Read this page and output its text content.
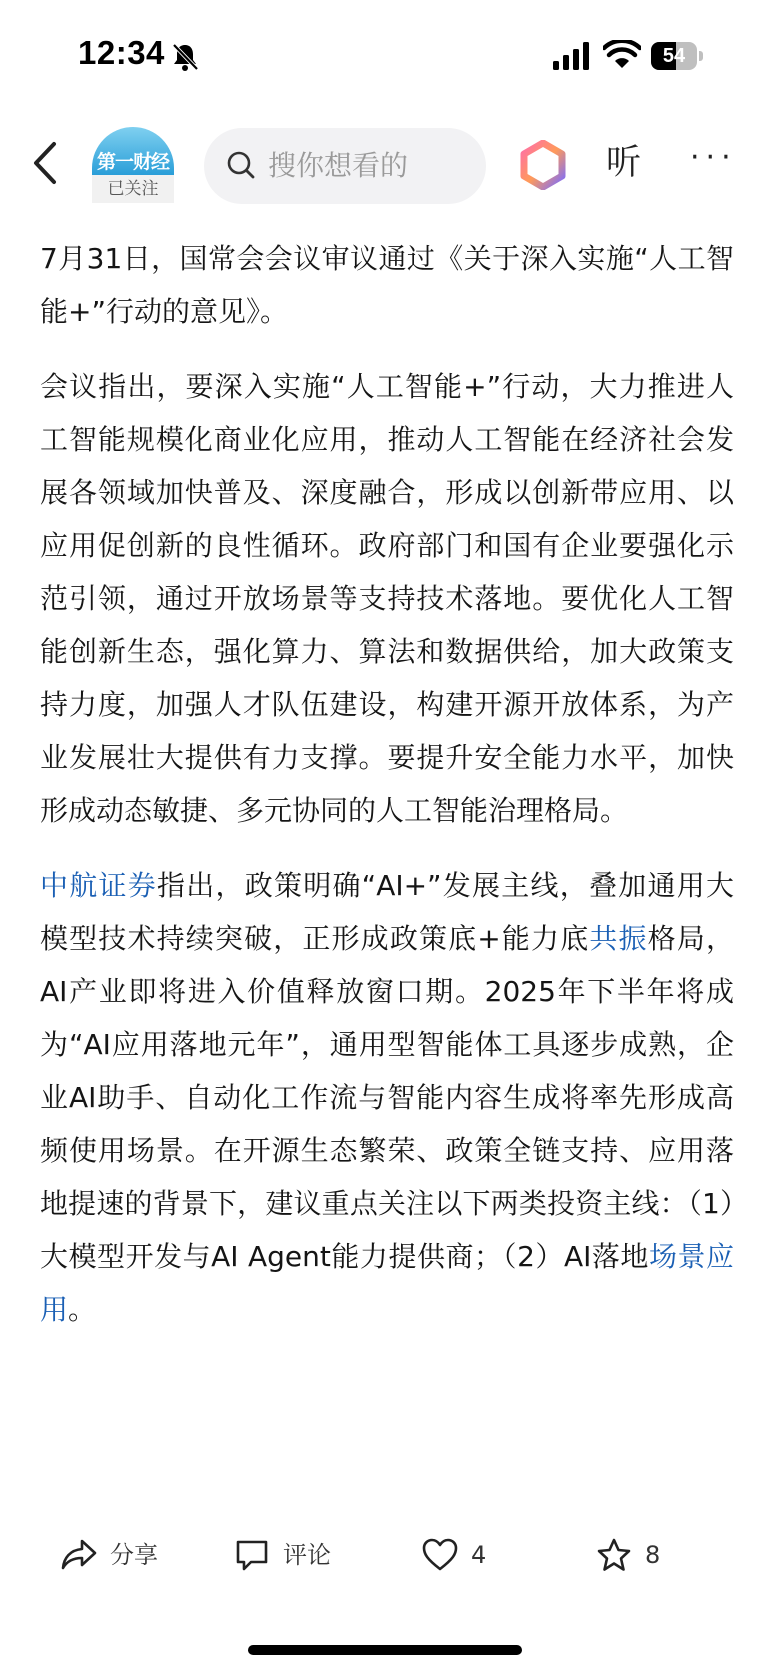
12:34	54
第一财经
已关注
搜你想看的	听 ···

7月31日，国常会会议审议通过《关于深入实施“人工智能+”行动的意见》。

会议指出，要深入实施“人工智能+”行动，大力推进人工智能规模化商业化应用，推动人工智能在经济社会发展各领域加快普及、深度融合，形成以创新带应用、以应用促创新的良性循环。政府部门和国有企业要强化示范引领，通过开放场景等支持技术落地。要优化人工智能创新生态，强化算力、算法和数据供给，加大政策支持力度，加强人才队伍建设，构建开源开放体系，为产业发展壮大提供有力支撑。要提升安全能力水平，加快形成动态敏捷、多元协同的人工智能治理格局。

中航证券指出，政策明确“AI+”发展主线，叠加通用大模型技术持续突破，正形成政策底+能力底共振格局，AI产业即将进入价值释放窗口期。2025年下半年将成为“AI应用落地元年”，通用型智能体工具逐步成熟，企业AI助手、自动化工作流与智能内容生成将率先形成高频使用场景。在开源生态繁荣、政策全链支持、应用落地提速的背景下，建议重点关注以下两类投资主线：（1）大模型开发与AI Agent能力提供商；（2）AI落地场景应用。

分享	评论	4	8
